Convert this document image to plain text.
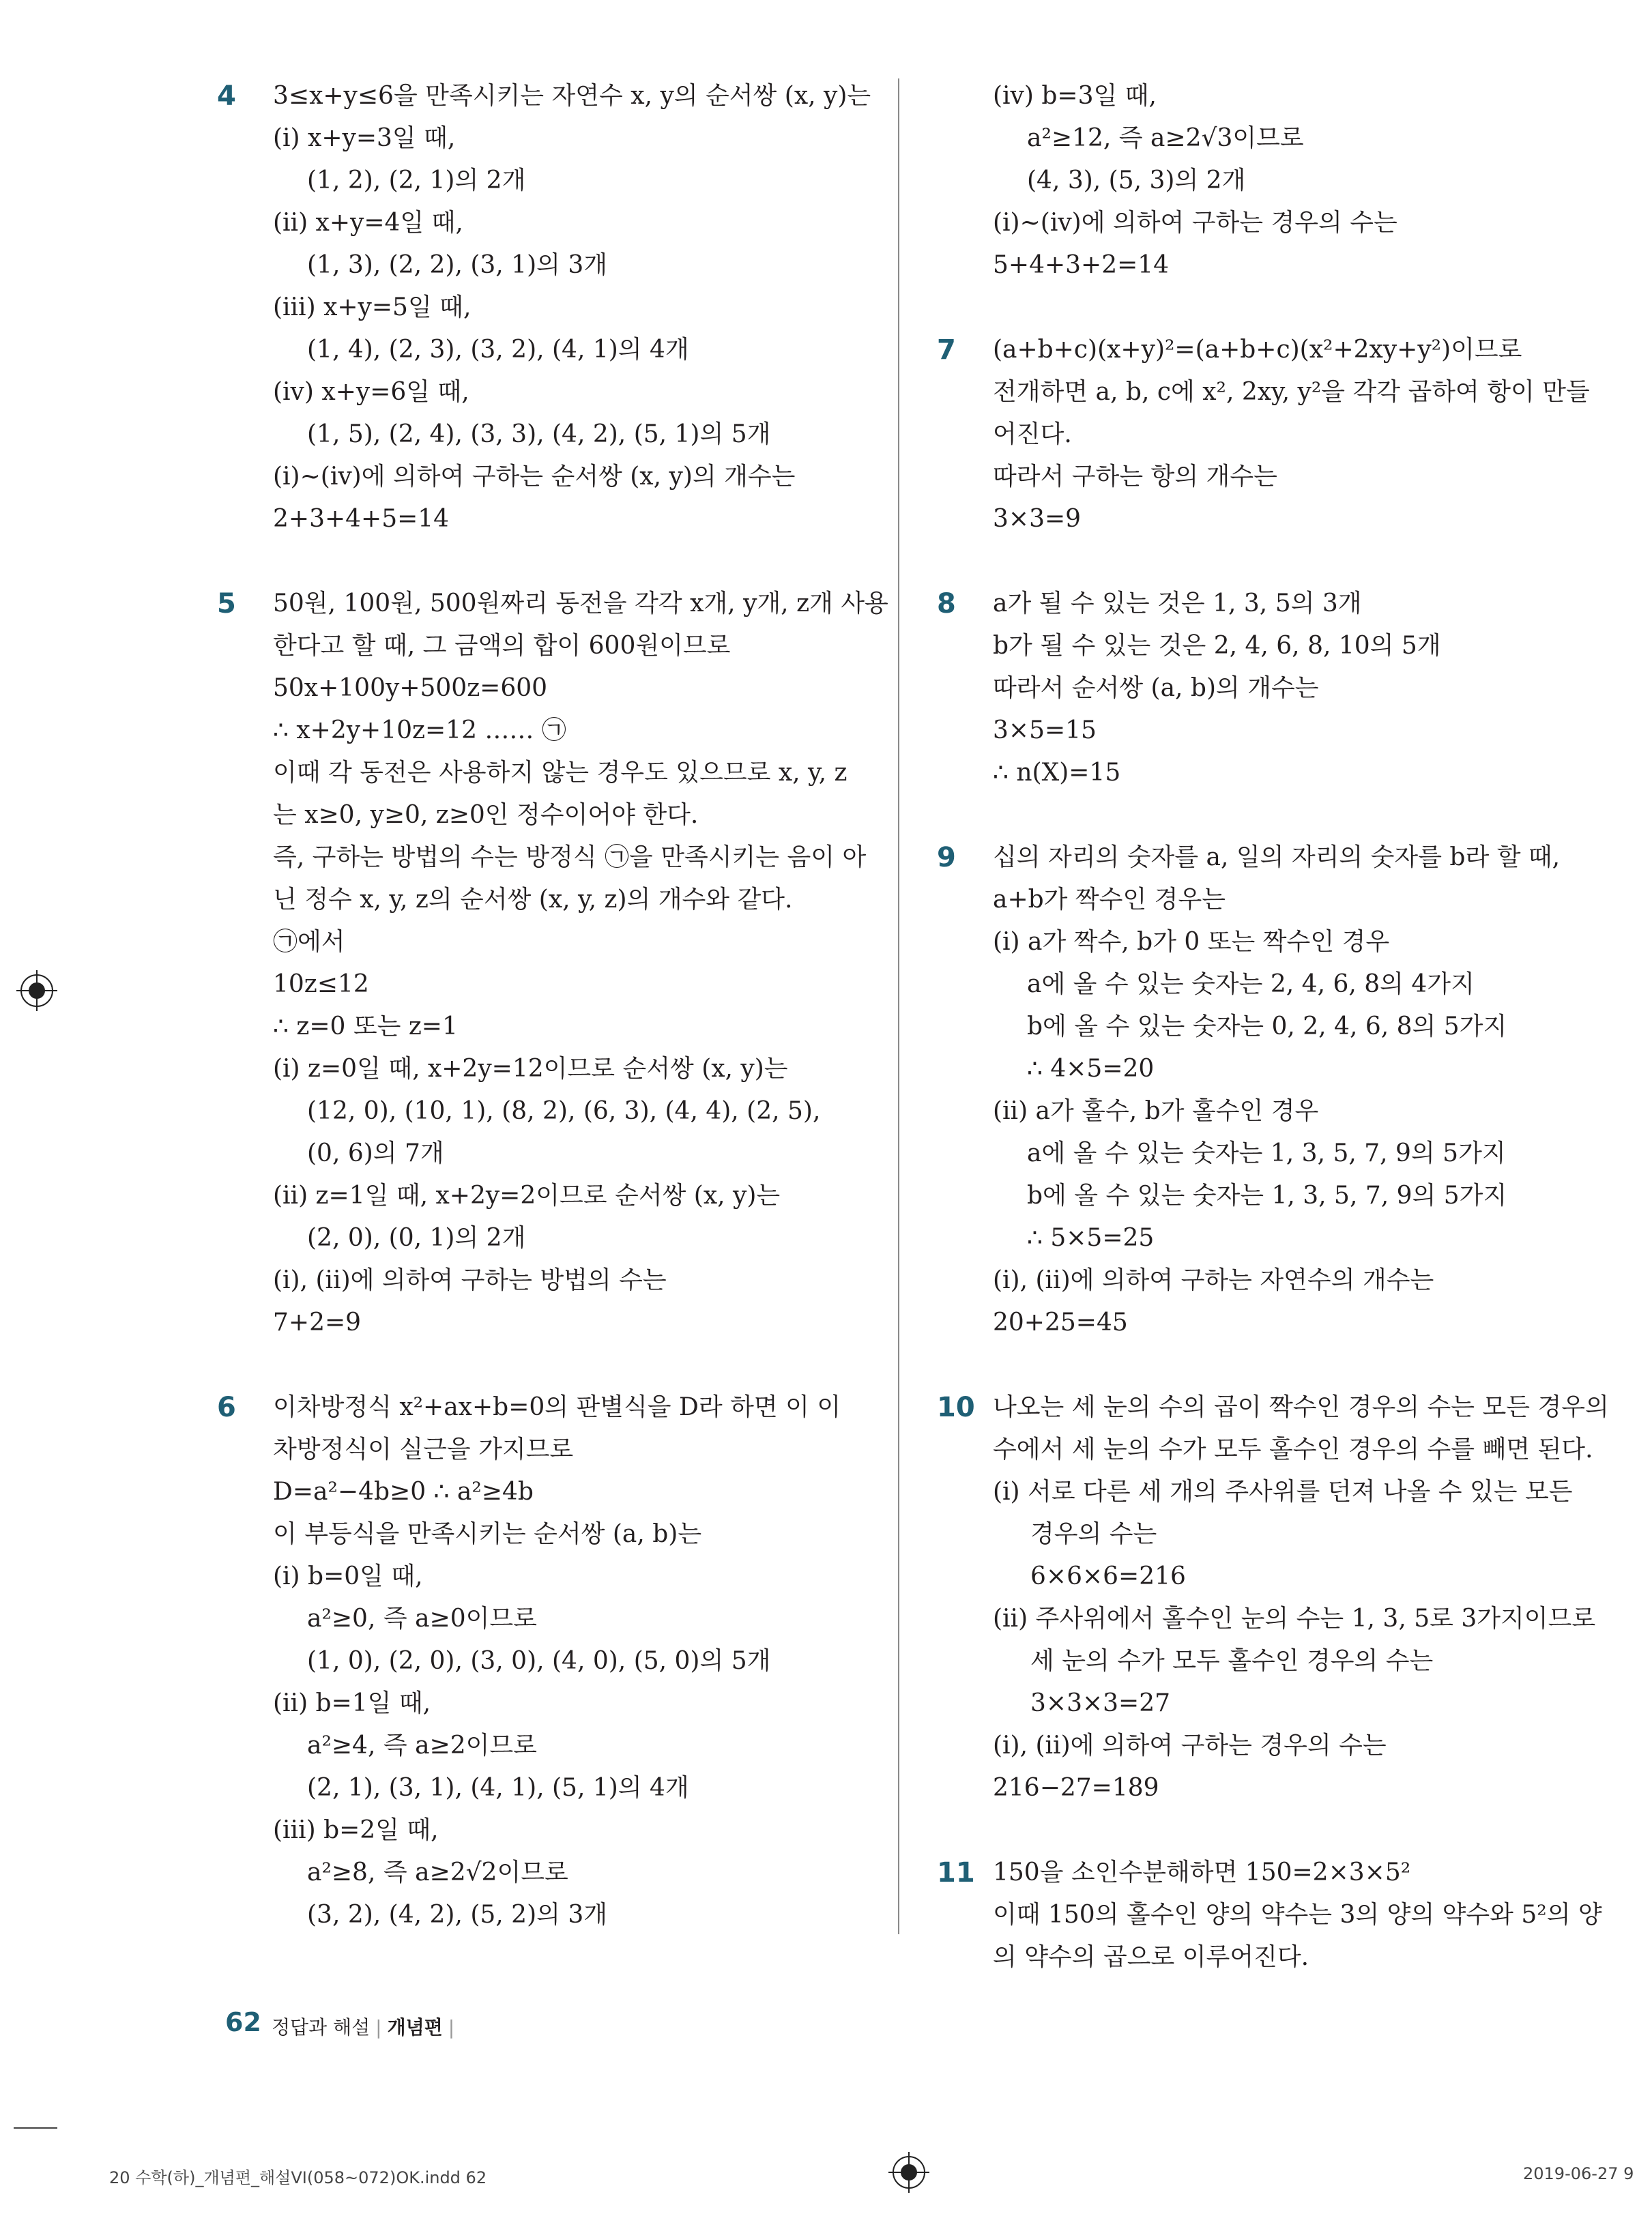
4 3≤x+y≤6을 만족시키는 자연수 x, y의 순서쌍 (x, y)는
(ⅰ) x+y=3일 때,
(1, 2), (2, 1)의 2개
(ⅱ) x+y=4일 때,
(1, 3), (2, 2), (3, 1)의 3개
(ⅲ) x+y=5일 때,
(1, 4), (2, 3), (3, 2), (4, 1)의 4개
(ⅳ) x+y=6일 때,
(1, 5), (2, 4), (3, 3), (4, 2), (5, 1)의 5개
(ⅰ)~(ⅳ)에 의하여 구하는 순서쌍 (x, y)의 개수는
2+3+4+5=14
5 50원, 100원, 500원짜리 동전을 각각 x개, y개, z개 사용
한다고 할 때, 그 금액의 합이 600원이므로
50x+100y+500z=600
∴ x+2y+10z=12 …… ㉠
이때 각 동전은 사용하지 않는 경우도 있으므로 x, y, z
는 x≥0, y≥0, z≥0인 정수이어야 한다.
즉, 구하는 방법의 수는 방정식 ㉠을 만족시키는 음이 아
닌 정수 x, y, z의 순서쌍 (x, y, z)의 개수와 같다.
㉠에서
10z≤12
∴ z=0 또는 z=1
(ⅰ) z=0일 때, x+2y=12이므로 순서쌍 (x, y)는
(12, 0), (10, 1), (8, 2), (6, 3), (4, 4), (2, 5),
(0, 6)의 7개
(ⅱ) z=1일 때, x+2y=2이므로 순서쌍 (x, y)는
(2, 0), (0, 1)의 2개
(ⅰ), (ⅱ)에 의하여 구하는 방법의 수는
7+2=9
6 이차방정식 x²+ax+b=0의 판별식을 D라 하면 이 이
차방정식이 실근을 가지므로
D=a²−4b≥0 ∴ a²≥4b
이 부등식을 만족시키는 순서쌍 (a, b)는
(ⅰ) b=0일 때,
a²≥0, 즉 a≥0이므로
(1, 0), (2, 0), (3, 0), (4, 0), (5, 0)의 5개
(ⅱ) b=1일 때,
a²≥4, 즉 a≥2이므로
(2, 1), (3, 1), (4, 1), (5, 1)의 4개
(ⅲ) b=2일 때,
a²≥8, 즉 a≥2√2이므로
(3, 2), (4, 2), (5, 2)의 3개
(ⅳ) b=3일 때,
a²≥12, 즉 a≥2√3이므로
(4, 3), (5, 3)의 2개
(ⅰ)~(ⅳ)에 의하여 구하는 경우의 수는
5+4+3+2=14
7 (a+b+c)(x+y)²=(a+b+c)(x²+2xy+y²)이므로
전개하면 a, b, c에 x², 2xy, y²을 각각 곱하여 항이 만들
어진다.
따라서 구하는 항의 개수는
3×3=9
8 a가 될 수 있는 것은 1, 3, 5의 3개
b가 될 수 있는 것은 2, 4, 6, 8, 10의 5개
따라서 순서쌍 (a, b)의 개수는
3×5=15
∴ n(X)=15
9 십의 자리의 숫자를 a, 일의 자리의 숫자를 b라 할 때,
a+b가 짝수인 경우는
(ⅰ) a가 짝수, b가 0 또는 짝수인 경우
a에 올 수 있는 숫자는 2, 4, 6, 8의 4가지
b에 올 수 있는 숫자는 0, 2, 4, 6, 8의 5가지
∴ 4×5=20
(ⅱ) a가 홀수, b가 홀수인 경우
a에 올 수 있는 숫자는 1, 3, 5, 7, 9의 5가지
b에 올 수 있는 숫자는 1, 3, 5, 7, 9의 5가지
∴ 5×5=25
(ⅰ), (ⅱ)에 의하여 구하는 자연수의 개수는
20+25=45
10 나오는 세 눈의 수의 곱이 짝수인 경우의 수는 모든 경우의
수에서 세 눈의 수가 모두 홀수인 경우의 수를 빼면 된다.
(ⅰ) 서로 다른 세 개의 주사위를 던져 나올 수 있는 모든
경우의 수는
6×6×6=216
(ⅱ) 주사위에서 홀수인 눈의 수는 1, 3, 5로 3가지이므로
세 눈의 수가 모두 홀수인 경우의 수는
3×3×3=27
(ⅰ), (ⅱ)에 의하여 구하는 경우의 수는
216−27=189
11 150을 소인수분해하면 150=2×3×5²
이때 150의 홀수인 양의 약수는 3의 양의 약수와 5²의 양
의 약수의 곱으로 이루어진다.
62 정답과 해설 | 개념편 |
20 수학(하)_개념편_해설VI(058~072)OK.indd 62	2019-06-27 9
